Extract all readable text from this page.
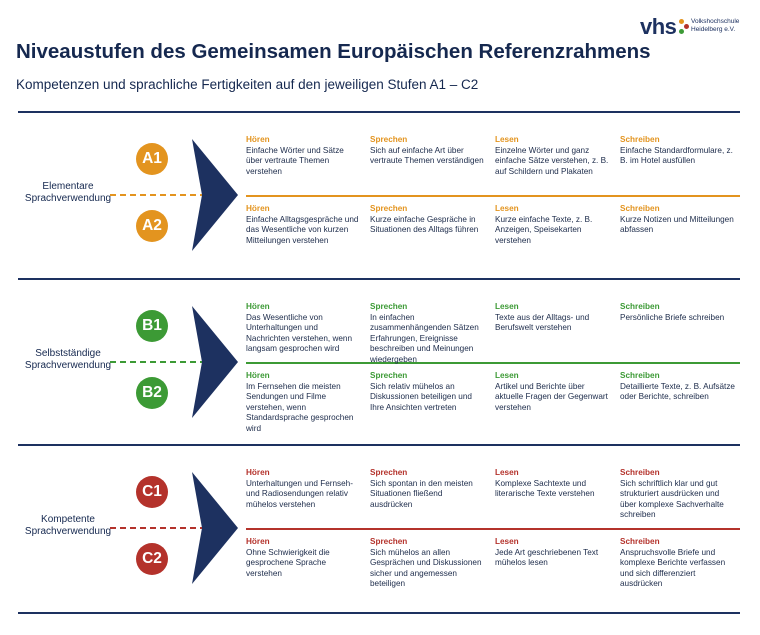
vhs Volkshochschule
Heidelberg e.V.
Niveaustufen des Gemeinsamen Europäischen Referenzrahmens

Kompetenzen und sprachliche Fertigkeiten auf den jeweiligen Stufen A1 – C2

Elementare
Sprachverwendung
A1
A2
Hören
Einfache Wörter und Sätze über vertraute Themen verstehen
Sprechen
Sich auf einfache Art über vertraute Themen verständigen
Lesen
Einzelne Wörter und ganz einfache Sätze verstehen, z. B. auf Schildern und Plakaten
Schreiben
Einfache Standardformulare, z. B. im Hotel ausfüllen
Hören
Einfache Alltagsgespräche und das Wesentliche von kurzen Mitteilungen verstehen
Sprechen
Kurze einfache Gespräche in Situationen des Alltags führen
Lesen
Kurze einfache Texte, z. B. Anzeigen, Speisekarten verstehen
Schreiben
Kurze Notizen und Mitteilungen abfassen
Selbstständige
Sprachverwendung
B1
B2
Hören
Das Wesentliche von Unterhaltungen und Nachrichten verstehen, wenn langsam gesprochen wird
Sprechen
In einfachen zusammenhängenden Sätzen Erfahrungen, Ereignisse beschreiben und Meinungen wiedergeben
Lesen
Texte aus der Alltags- und Berufswelt verstehen
Schreiben
Persönliche Briefe schreiben
Hören
Im Fernsehen die meisten Sendungen und Filme verstehen, wenn Standardsprache gesprochen wird
Sprechen
Sich relativ mühelos an Diskussionen beteiligen und Ihre Ansichten vertreten
Lesen
Artikel und Berichte über aktuelle Fragen der Gegenwart verstehen
Schreiben
Detaillierte Texte, z. B. Aufsätze oder Berichte, schreiben
Kompetente
Sprachverwendung
C1
C2
Hören
Unterhaltungen und Fernseh- und Radiosendungen relativ mühelos verstehen
Sprechen
Sich spontan in den meisten Situationen fließend ausdrücken
Lesen
Komplexe Sachtexte und literarische Texte verstehen
Schreiben
Sich schriftlich klar und gut strukturiert ausdrücken und über komplexe Sachverhalte schreiben
Hören
Ohne Schwierigkeit die gesprochene Sprache verstehen
Sprechen
Sich mühelos an allen Gesprächen und Diskussionen sicher und angemessen beteiligen
Lesen
Jede Art geschriebenen Text mühelos lesen
Schreiben
Anspruchsvolle Briefe und komplexe Berichte verfassen und sich differenziert ausdrücken
